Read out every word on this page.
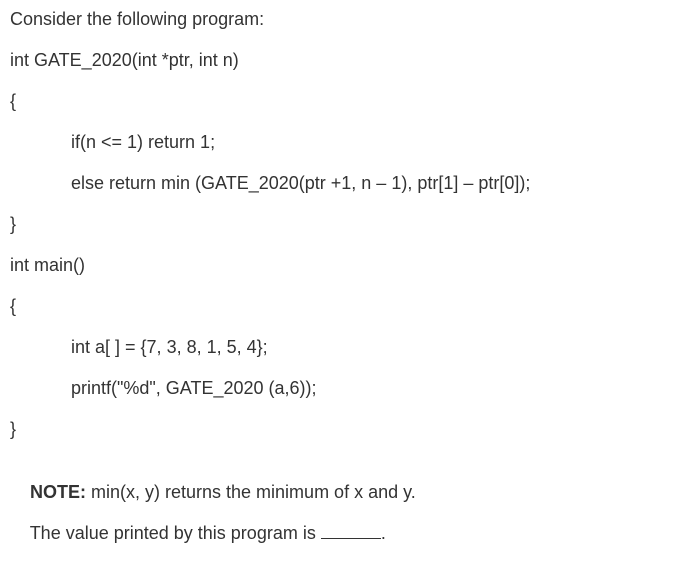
Consider the following program:
int GATE_2020(int *ptr, int n)
{
if(n <= 1) return 1;
else return min (GATE_2020(ptr +1, n – 1), ptr[1] – ptr[0]);
}
int main()
{
int a[ ] = {7, 3, 8, 1, 5, 4};
printf("%d", GATE_2020 (a,6));
}

NOTE: min(x, y) returns the minimum of x and y.

The value printed by this program is	.
